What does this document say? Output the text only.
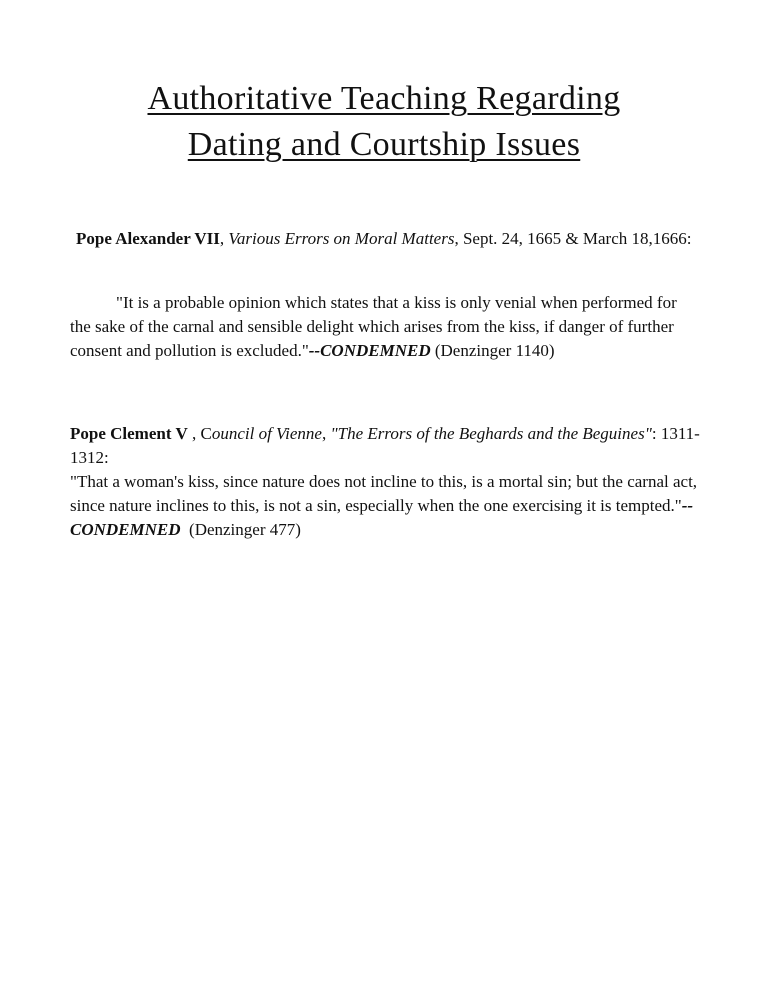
Authoritative Teaching Regarding
Dating and Courtship Issues

Pope Alexander VII, Various Errors on Moral Matters, Sept. 24, 1665 & March 18,1666:

"It is a probable opinion which states that a kiss is only venial when performed for the sake of the carnal and sensible delight which arises from the kiss, if danger of further consent and pollution is excluded."--CONDEMNED (Denzinger 1140)

Pope Clement V , Council of Vienne, "The Errors of the Beghards and the Beguines": 1311-1312:
"That a woman's kiss, since nature does not incline to this, is a mortal sin; but the carnal act, since nature inclines to this, is not a sin, especially when the one exercising it is tempted."--CONDEMNED  (Denzinger 477)
